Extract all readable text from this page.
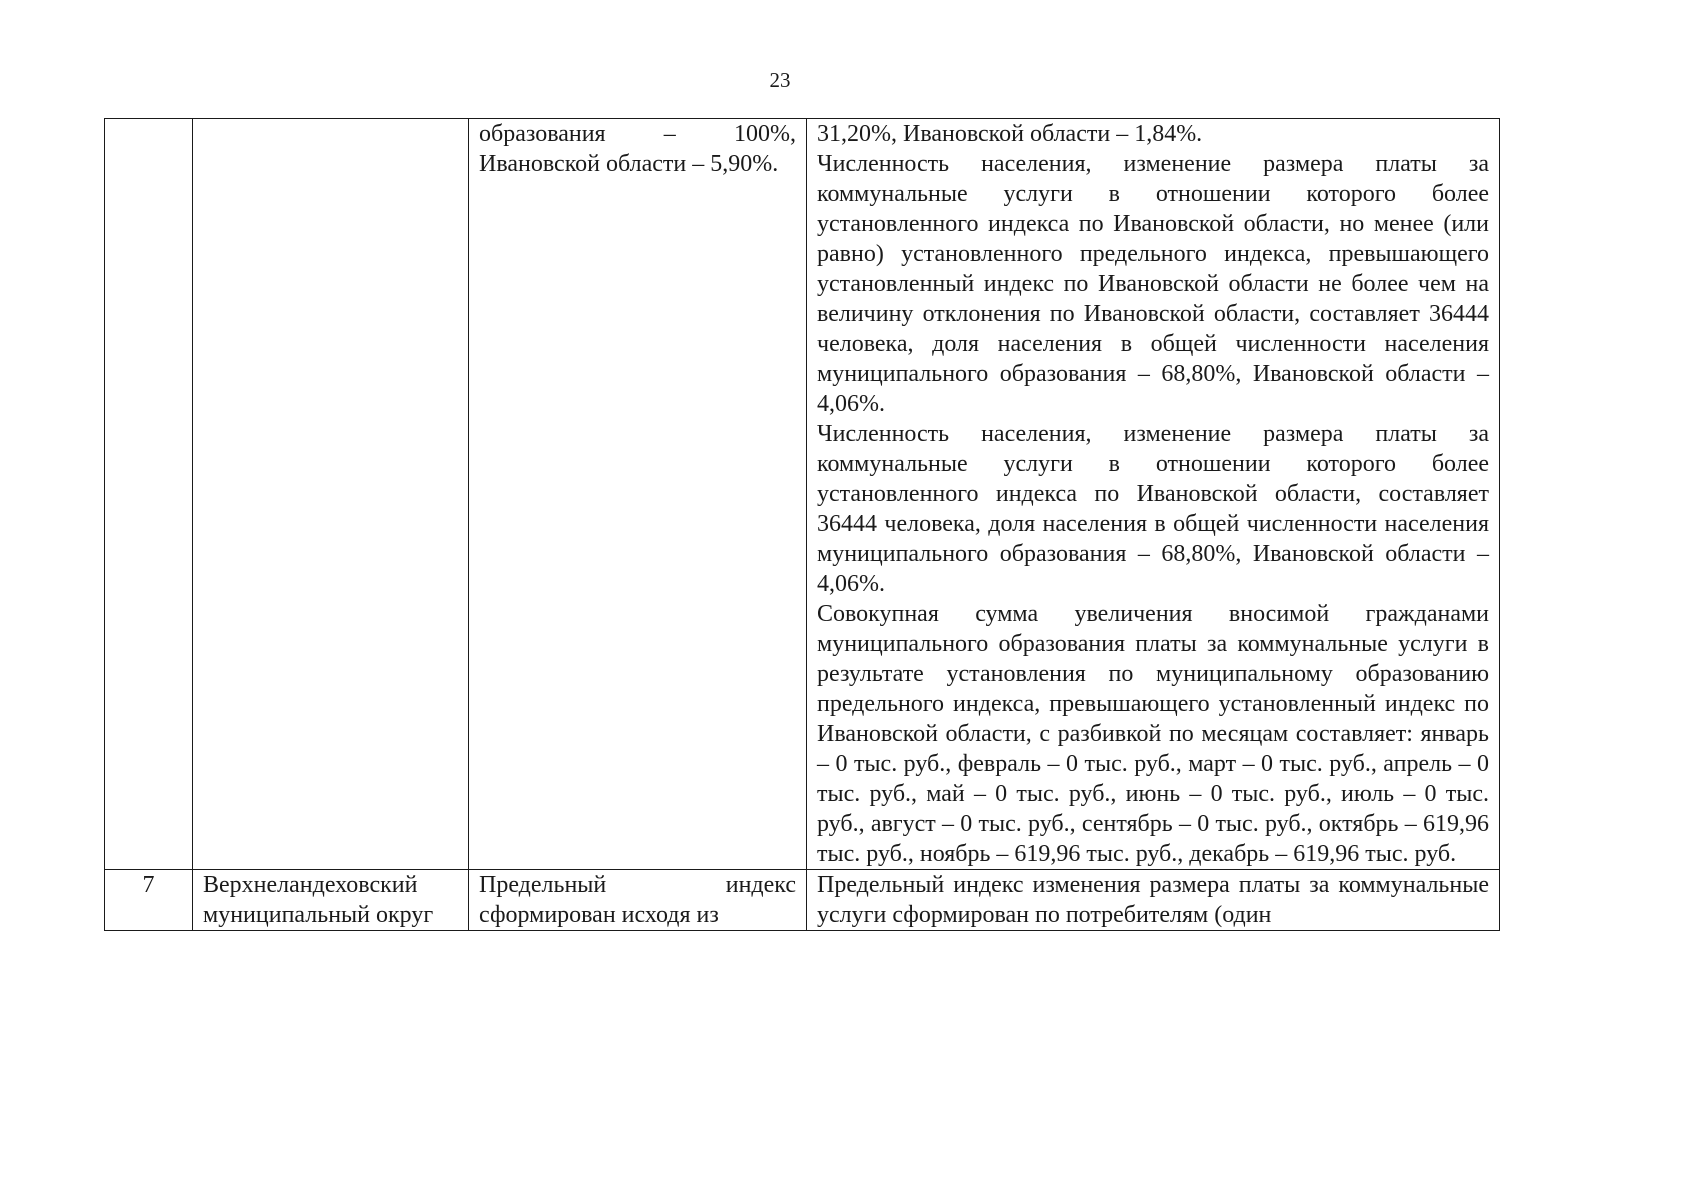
23

		образования – 100%, Ивановской области – 5,90%.	31,20%, Ивановской области – 1,84%.
Численность населения, изменение размера платы за коммунальные услуги в отношении которого более установленного индекса по Ивановской области, но менее (или равно) установленного предельного индекса, превышающего установленный индекс по Ивановской области не более чем на величину отклонения по Ивановской области, составляет 36444 человека, доля населения в общей численности населения муниципального образования – 68,80%, Ивановской области – 4,06%.
Численность населения, изменение размера платы за коммунальные услуги в отношении которого более установленного индекса по Ивановской области, составляет 36444 человека, доля населения в общей численности населения муниципального образования – 68,80%, Ивановской области – 4,06%.
Совокупная сумма увеличения вносимой гражданами муниципального образования платы за коммунальные услуги в результате установления по муниципальному образованию предельного индекса, превышающего установленный индекс по Ивановской области, с разбивкой по месяцам составляет: январь – 0 тыс. руб., февраль – 0 тыс. руб., март – 0 тыс. руб., апрель – 0 тыс. руб., май – 0 тыс. руб., июнь – 0 тыс. руб., июль – 0 тыс. руб., август – 0 тыс. руб., сентябрь – 0 тыс. руб., октябрь – 619,96 тыс. руб., ноябрь – 619,96 тыс. руб., декабрь – 619,96 тыс. руб.

7	Верхнеландеховский муниципальный округ	Предельный индекс сформирован исходя из	Предельный индекс изменения размера платы за коммунальные услуги сформирован по потребителям (один
